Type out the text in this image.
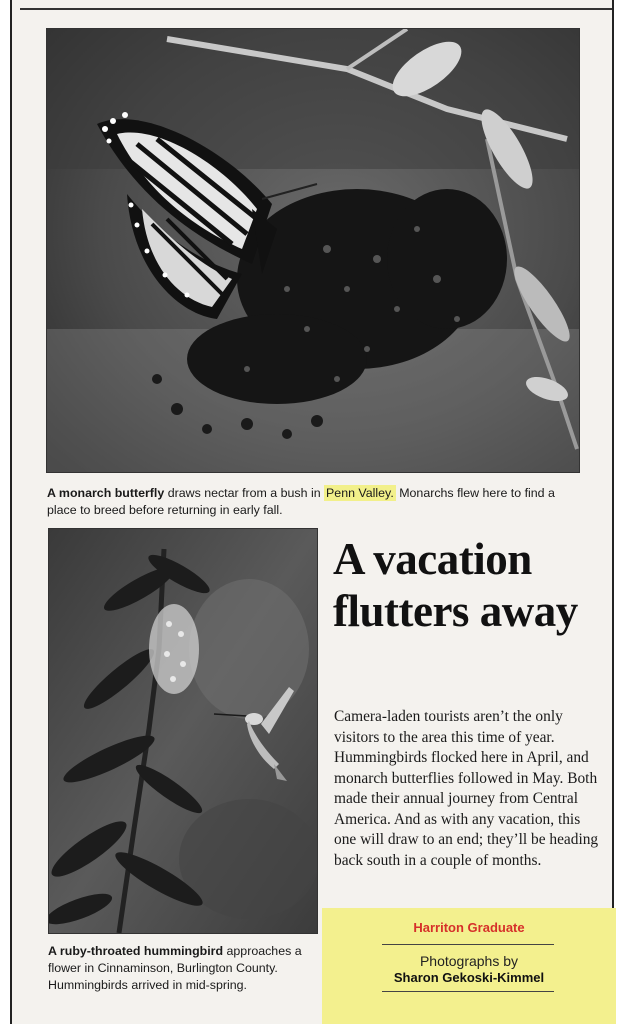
A monarch butterfly draws nectar from a bush in Penn Valley. Monarchs flew here to find a place to breed before returning in early fall.
A ruby-throated hummingbird approaches a flower in Cinnaminson, Burlington County. Hummingbirds arrived in mid-spring.
A vacation
flutters away
Camera-laden tourists aren’t the only visitors to the area this time of year. Hummingbirds flocked here in April, and monarch butterflies followed in May. Both made their annual journey from Central America. And as with any vacation, this one will draw to an end; they’ll be heading back south in a couple of months.
Harriton Graduate
Photographs by
Sharon Gekoski-Kimmel
